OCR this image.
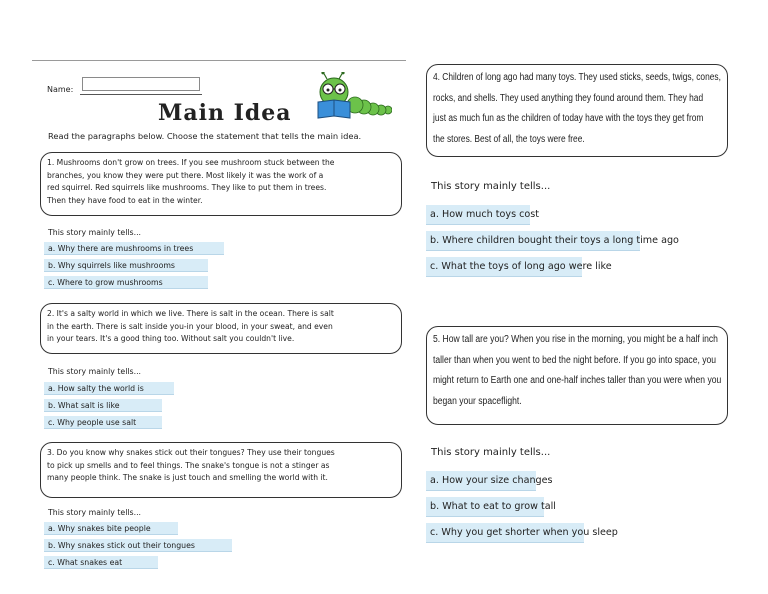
Name:
Main Idea
Read the paragraphs below. Choose the statement that tells the main idea.
1. Mushrooms don't grow on trees. If you see mushroom stuck between the
branches, you know they were put there. Most likely it was the work of a
red squirrel. Red squirrels like mushrooms. They like to put them in trees.
Then they have food to eat in the winter.
This story mainly tells...
a. Why there are mushrooms in trees
b. Why squirrels like mushrooms
c. Where to grow mushrooms
2. It's a salty world in which we live. There is salt in the ocean. There is salt
in the earth. There is salt inside you-in your blood, in your sweat, and even
in your tears. It's a good thing too. Without salt you couldn't live.
This story mainly tells...
a. How salty the world is
b. What salt is like
c. Why people use salt
3. Do you know why snakes stick out their tongues? They use their tongues
to pick up smells and to feel things. The snake's tongue is not a stinger as
many people think. The snake is just touch and smelling the world with it.
This story mainly tells...
a. Why snakes bite people
b. Why snakes stick out their tongues
c. What snakes eat
4. Children of long ago had many toys. They used sticks, seeds, twigs, cones,
rocks, and shells. They used anything they found around them. They had
just as much fun as the children of today have with the toys they get from
the stores. Best of all, the toys were free.
This story mainly tells...
a. How much toys cost
b. Where children bought their toys a long time ago
c. What the toys of long ago were like
5. How tall are you? When you rise in the morning, you might be a half inch
taller than when you went to bed the night before. If you go into space, you
might return to Earth one and one-half inches taller than you were when you
began your spaceflight.
This story mainly tells...
a. How your size changes
b. What to eat to grow tall
c. Why you get shorter when you sleep
